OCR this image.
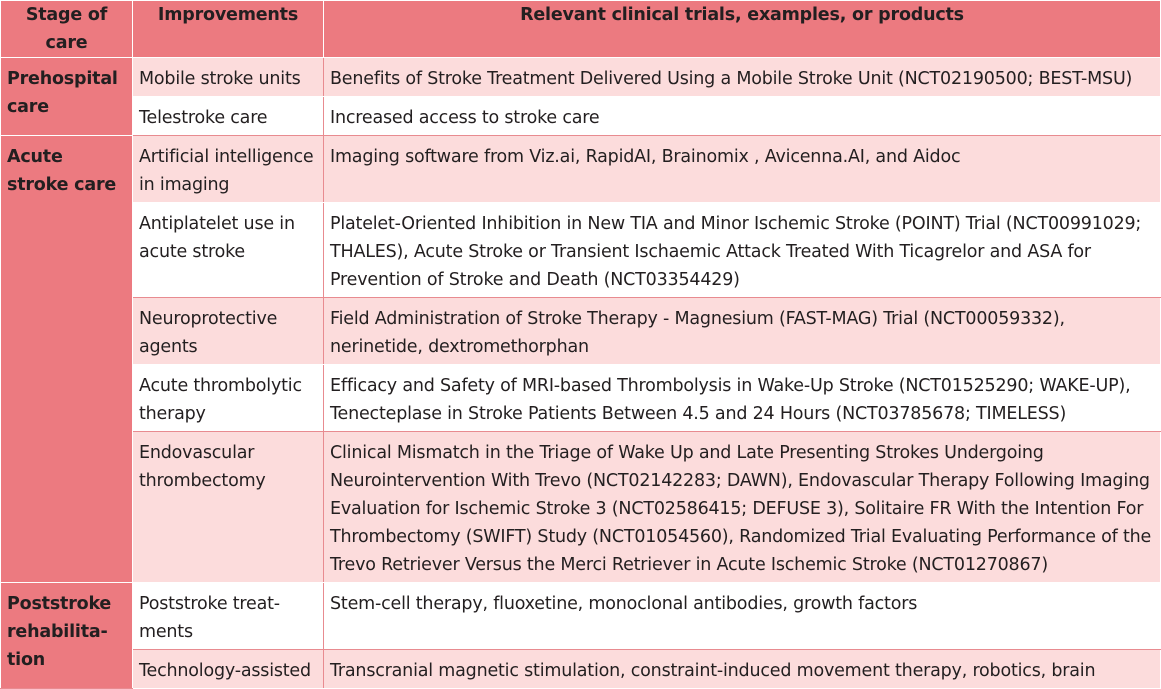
Stage of care	Improvements	Relevant clinical trials, examples, or products
Prehospital care	Mobile stroke units	Benefits of Stroke Treatment Delivered Using a Mobile Stroke Unit (NCT02190500; BEST-MSU)
	Telestroke care	Increased access to stroke care
Acute stroke care	Artificial intelligence in imaging	Imaging software from Viz.ai, RapidAI, Brainomix , Avicenna.AI, and Aidoc
	Antiplatelet use in acute stroke	Platelet-Oriented Inhibition in New TIA and Minor Ischemic Stroke (POINT) Trial (NCT00991029; THALES), Acute Stroke or Transient Ischaemic Attack Treated With Ticagrelor and ASA for Prevention of Stroke and Death (NCT03354429)
	Neuroprotective agents	Field Administration of Stroke Therapy - Magnesium (FAST-MAG) Trial (NCT00059332), nerinetide, dextromethorphan
	Acute thrombolytic therapy	Efficacy and Safety of MRI-based Thrombolysis in Wake-Up Stroke (NCT01525290; WAKE-UP), Tenecteplase in Stroke Patients Between 4.5 and 24 Hours (NCT03785678; TIMELESS)
	Endovascular thrombectomy	Clinical Mismatch in the Triage of Wake Up and Late Presenting Strokes Undergoing Neurointervention With Trevo (NCT02142283; DAWN), Endovascular Therapy Following Imaging Evaluation for Ischemic Stroke 3 (NCT02586415; DEFUSE 3), Solitaire FR With the Intention For Thrombectomy (SWIFT) Study (NCT01054560), Randomized Trial Evaluating Performance of the Trevo Retriever Versus the Merci Retriever in Acute Ischemic Stroke (NCT01270867)
Poststroke rehabilita-tion	Poststroke treat-ments	Stem-cell therapy, fluoxetine, monoclonal antibodies, growth factors
	Technology-assisted	Transcranial magnetic stimulation, constraint-induced movement therapy, robotics, brain
